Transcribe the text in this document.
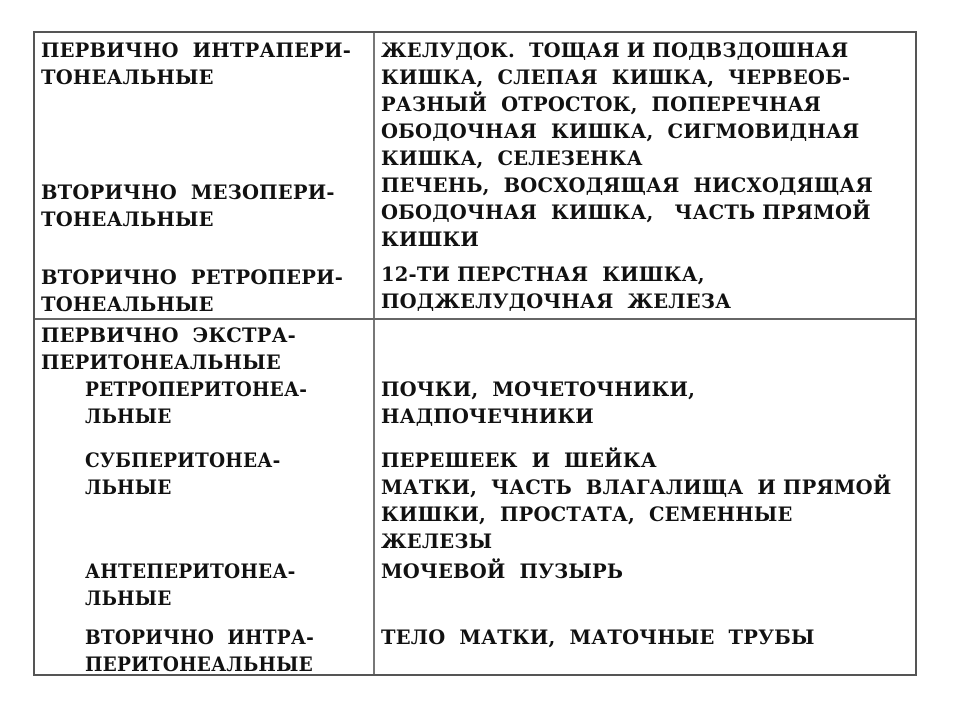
ПЕРВИЧНО  ИНТРАПЕРИ-
ТОНЕАЛЬНЫЕ
ЖЕЛУДОК.  ТОЩАЯ И ПОДВЗДОШНАЯ
КИШКА,  СЛЕПАЯ  КИШКА,  ЧЕРВЕОБ-
РАЗНЫЙ  ОТРОСТОК,  ПОПЕРЕЧНАЯ
ОБОДОЧНАЯ  КИШКА,  СИГМОВИДНАЯ
КИШКА,  СЕЛЕЗЕНКА
ВТОРИЧНО  МЕЗОПЕРИ-
ТОНЕАЛЬНЫЕ
ПЕЧЕНЬ,  ВОСХОДЯЩАЯ  НИСХОДЯЩАЯ
ОБОДОЧНАЯ  КИШКА,   ЧАСТЬ ПРЯМОЙ
КИШКИ
ВТОРИЧНО  РЕТРОПЕРИ-
ТОНЕАЛЬНЫЕ
12-ТИ ПЕРСТНАЯ  КИШКА,
ПОДЖЕЛУДОЧНАЯ  ЖЕЛЕЗА
ПЕРВИЧНО  ЭКСТРА-
ПЕРИТОНЕАЛЬНЫЕ
РЕТРОПЕРИТОНЕА-
ЛЬНЫЕ
ПОЧКИ,  МОЧЕТОЧНИКИ,
НАДПОЧЕЧНИКИ
СУБПЕРИТОНЕА-
ЛЬНЫЕ
ПЕРЕШЕЕК  И  ШЕЙКА
МАТКИ,  ЧАСТЬ  ВЛАГАЛИЩА  И ПРЯМОЙ
КИШКИ,  ПРОСТАТА,  СЕМЕННЫЕ
ЖЕЛЕЗЫ
АНТЕПЕРИТОНЕА-
ЛЬНЫЕ
МОЧЕВОЙ  ПУЗЫРЬ
ВТОРИЧНО  ИНТРА-
ПЕРИТОНЕАЛЬНЫЕ
ТЕЛО  МАТКИ,  МАТОЧНЫЕ  ТРУБЫ
